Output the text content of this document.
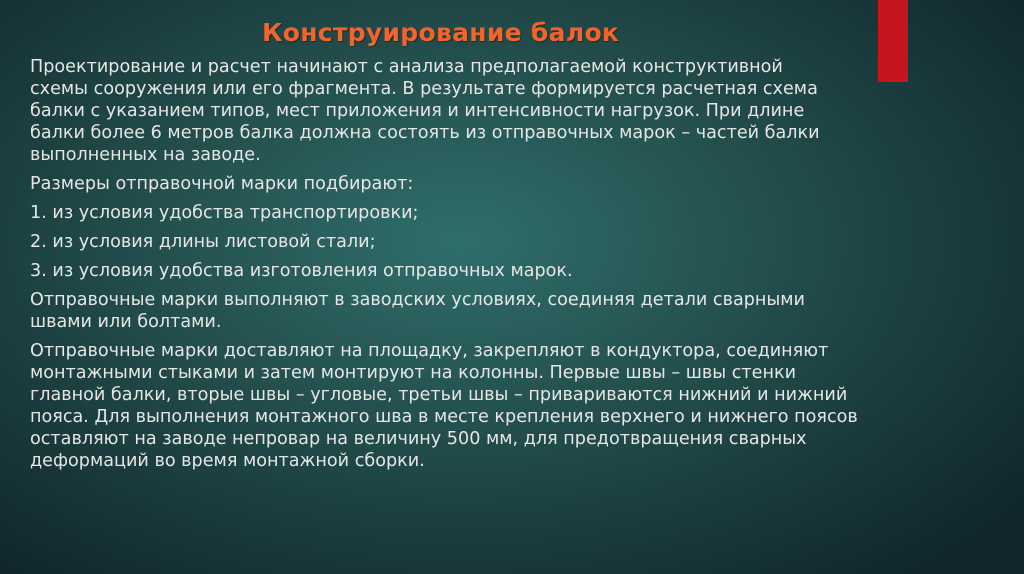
Конструирование балок

Проектирование и расчет начинают с анализа предполагаемой конструктивной
схемы сооружения или его фрагмента. В результате формируется расчетная схема
балки с указанием типов, мест приложения и интенсивности нагрузок. При длине
балки более 6 метров балка должна состоять из отправочных марок – частей балки
выполненных на заводе.

Размеры отправочной марки подбирают:

1. из условия удобства транспортировки;

2. из условия длины листовой стали;

3. из условия удобства изготовления отправочных марок.

Отправочные марки выполняют в заводских условиях, соединяя детали сварными
швами или болтами.

Отправочные марки доставляют на площадку, закрепляют в кондуктора, соединяют
монтажными стыками и затем монтируют на колонны. Первые швы – швы стенки
главной балки, вторые швы – угловые, третьи швы – привариваются нижний и нижний
пояса. Для выполнения монтажного шва в месте крепления верхнего и нижнего поясов
оставляют на заводе непровар на величину 500 мм, для предотвращения сварных
деформаций во время монтажной сборки.
